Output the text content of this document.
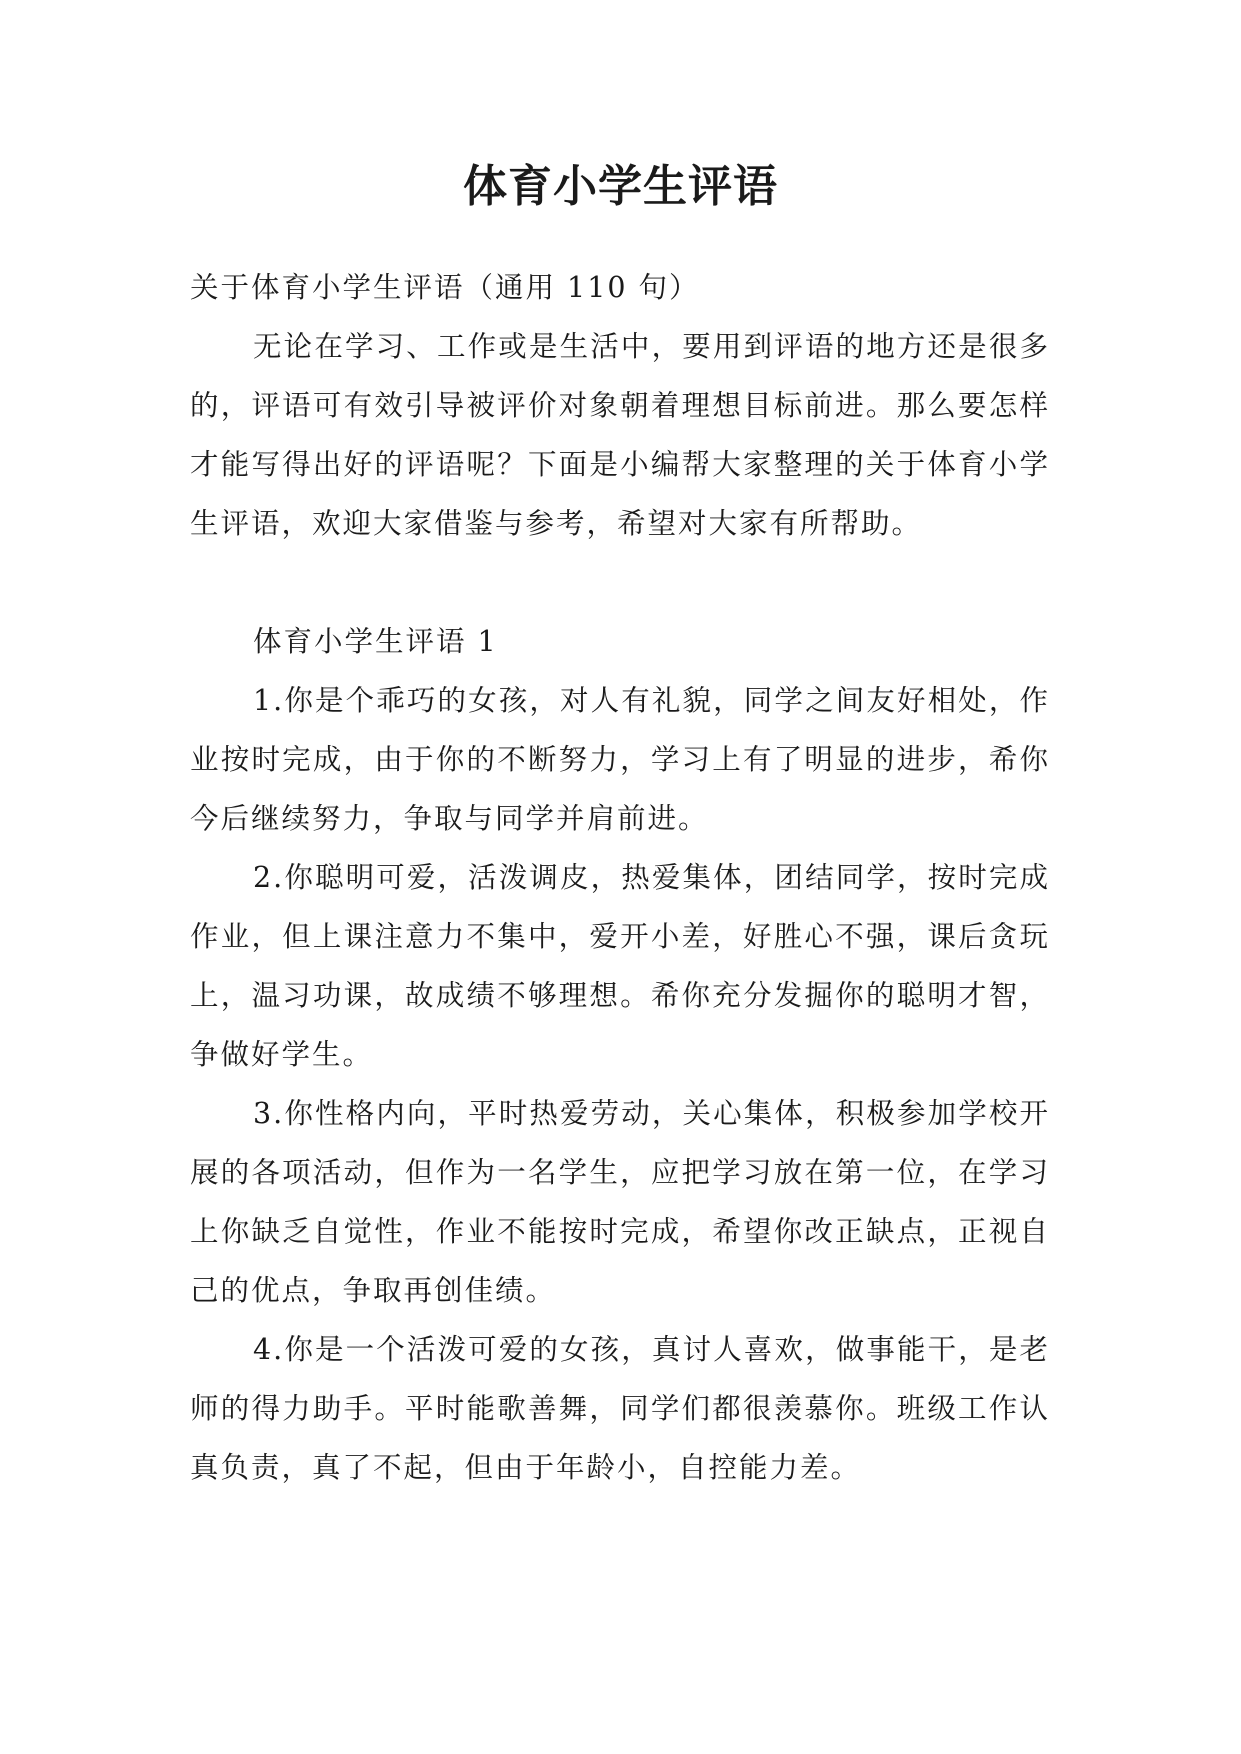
体育小学生评语

关于体育小学生评语（通用 110 句）

无论在学习、工作或是生活中，要用到评语的地方还是很多的，评语可有效引导被评价对象朝着理想目标前进。那么要怎样才能写得出好的评语呢？下面是小编帮大家整理的关于体育小学生评语，欢迎大家借鉴与参考，希望对大家有所帮助。

体育小学生评语 1

1.你是个乖巧的女孩，对人有礼貌，同学之间友好相处，作业按时完成，由于你的不断努力，学习上有了明显的进步，希你今后继续努力，争取与同学并肩前进。

2.你聪明可爱，活泼调皮，热爱集体，团结同学，按时完成作业，但上课注意力不集中，爱开小差，好胜心不强，课后贪玩上，温习功课，故成绩不够理想。希你充分发掘你的聪明才智，争做好学生。

3.你性格内向，平时热爱劳动，关心集体，积极参加学校开展的各项活动，但作为一名学生，应把学习放在第一位，在学习上你缺乏自觉性，作业不能按时完成，希望你改正缺点，正视自己的优点，争取再创佳绩。

4.你是一个活泼可爱的女孩，真讨人喜欢，做事能干，是老师的得力助手。平时能歌善舞，同学们都很羡慕你。班级工作认真负责，真了不起，但由于年龄小，自控能力差。
